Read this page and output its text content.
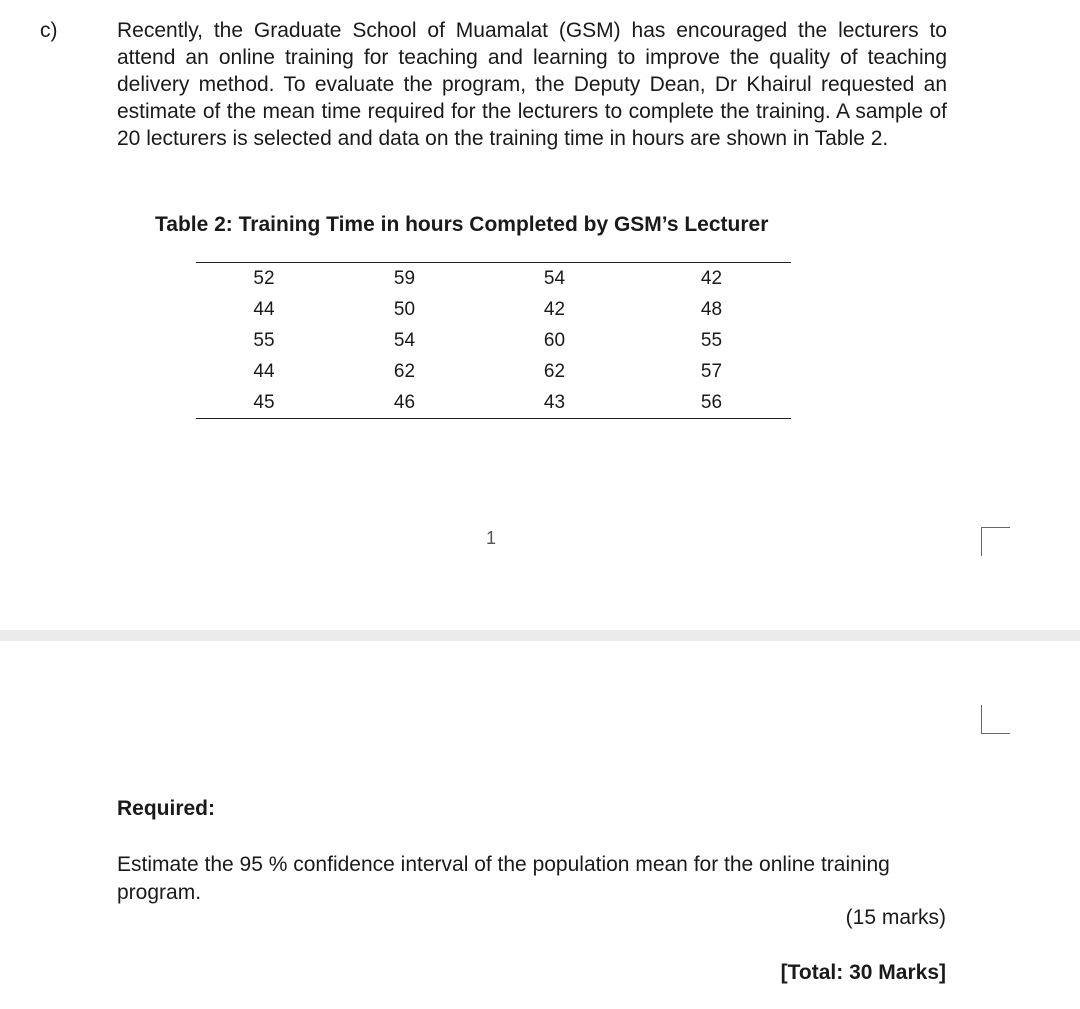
c)	Recently, the Graduate School of Muamalat (GSM) has encouraged the lecturers to attend an online training for teaching and learning to improve the quality of teaching delivery method. To evaluate the program, the Deputy Dean, Dr Khairul requested an estimate of the mean time required for the lecturers to complete the training. A sample of 20 lecturers is selected and data on the training time in hours are shown in Table 2.
Table 2: Training Time in hours Completed by GSM’s Lecturer

52	59	54	42
44	50	42	48
55	54	60	55
44	62	62	57
45	46	43	56
1
Required:
Estimate the 95 % confidence interval of the population mean for the online training program.
(15 marks)
[Total: 30 Marks]
